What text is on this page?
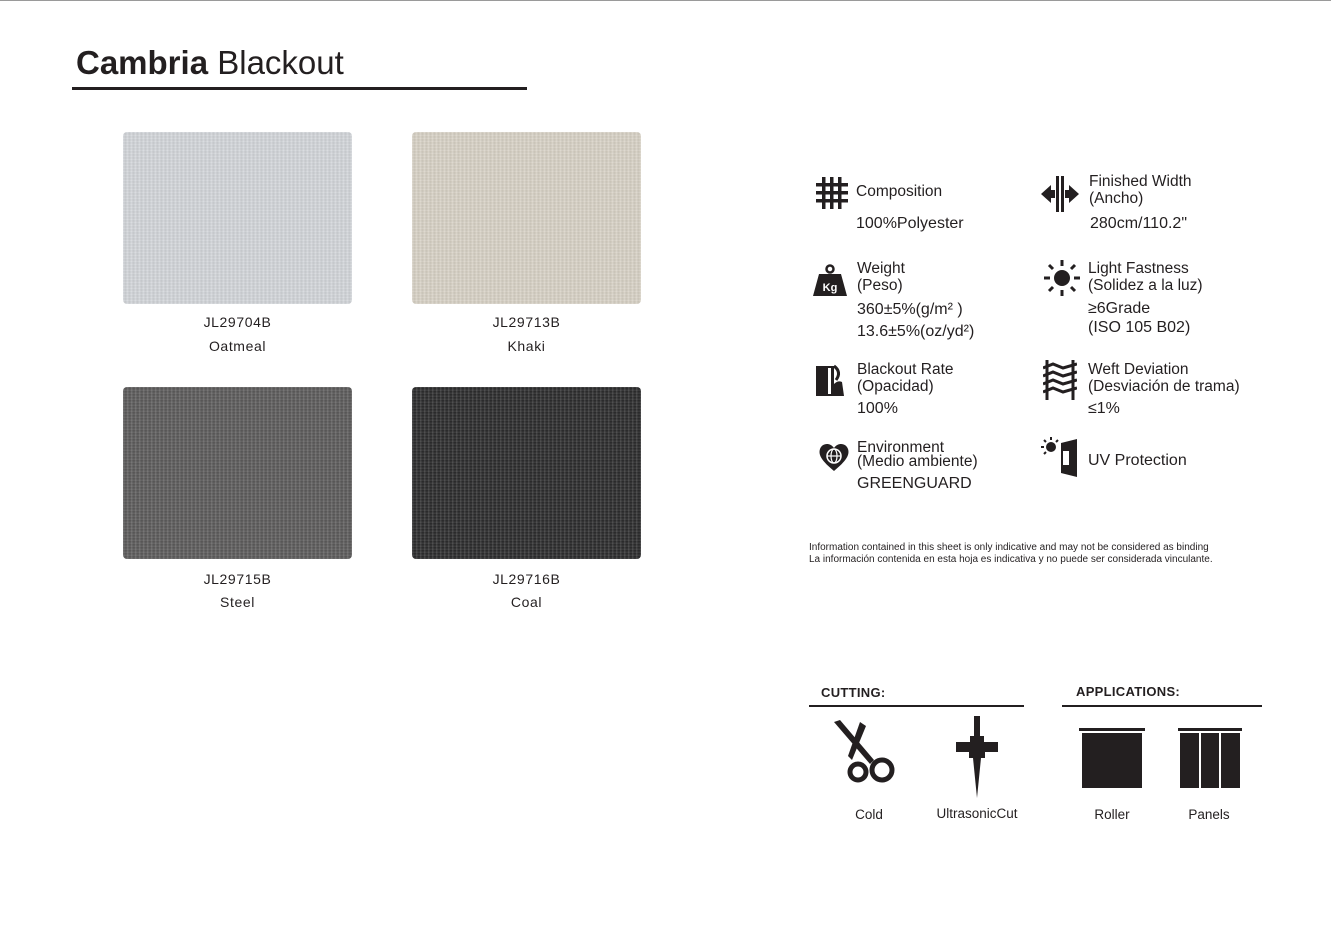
Cambria Blackout
JL29704B
Oatmeal
JL29713B
Khaki
JL29715B
Steel
JL29716B
Coal
Composition
100%Polyester
Finished Width
(Ancho)
280cm/110.2"
Kg
Weight
(Peso)
360±5%(g/m² )
13.6±5%(oz/yd²)
Light Fastness
(Solidez a la luz)
≥6Grade
(ISO 105 B02)
Blackout Rate
(Opacidad)
100%
Weft Deviation
(Desviación de trama)
≤1%
Environment
(Medio ambiente)
GREENGUARD
UV Protection
Information contained in this sheet is only indicative and may not be considered as binding
La información contenida en esta hoja es indicativa y no puede ser considerada vinculante.
CUTTING:
Cold	UltrasonicCut
APPLICATIONS:
Roller	Panels
